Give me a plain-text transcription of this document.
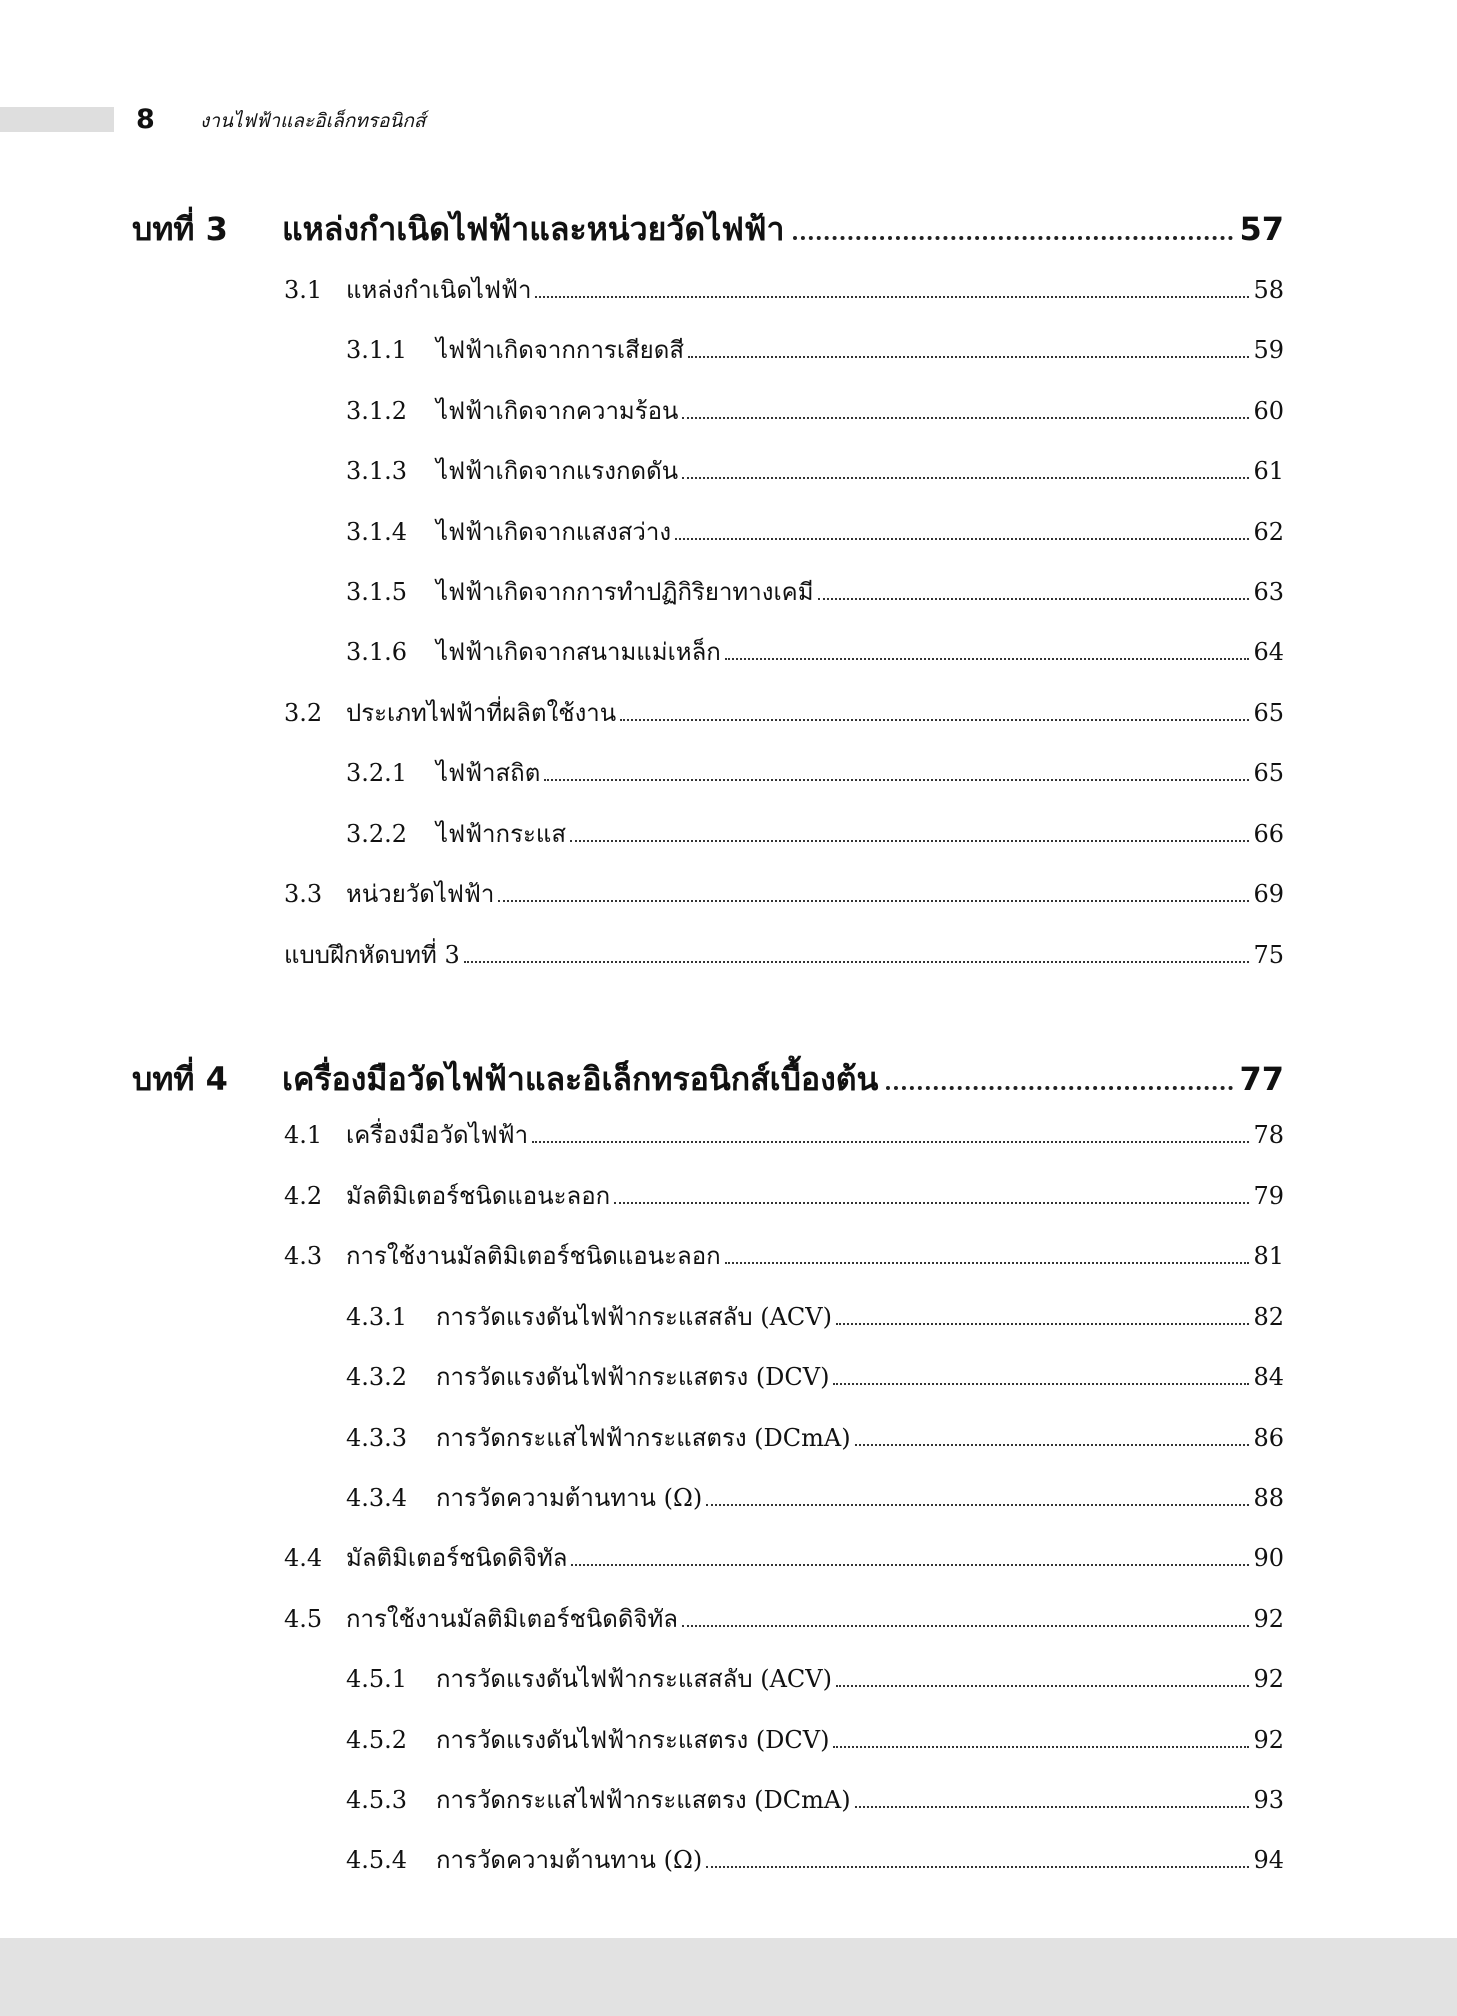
8 งานไฟฟ้าและอิเล็กทรอนิกส์
บทที่ 3	แหล่งกำเนิดไฟฟ้าและหน่วยวัดไฟฟ้า	57
3.1 แหล่งกำเนิดไฟฟ้า	58
3.1.1	ไฟฟ้าเกิดจากการเสียดสี	59
3.1.2	ไฟฟ้าเกิดจากความร้อน	60
3.1.3	ไฟฟ้าเกิดจากแรงกดดัน	61
3.1.4	ไฟฟ้าเกิดจากแสงสว่าง	62
3.1.5	ไฟฟ้าเกิดจากการทำปฏิกิริยาทางเคมี	63
3.1.6	ไฟฟ้าเกิดจากสนามแม่เหล็ก	64
3.2 ประเภทไฟฟ้าที่ผลิตใช้งาน	65
3.2.1	ไฟฟ้าสถิต	65
3.2.2	ไฟฟ้ากระแส	66
3.3 หน่วยวัดไฟฟ้า	69
แบบฝึกหัดบทที่ 3	75
บทที่ 4	เครื่องมือวัดไฟฟ้าและอิเล็กทรอนิกส์เบื้องต้น	77
4.1 เครื่องมือวัดไฟฟ้า	78
4.2 มัลติมิเตอร์ชนิดแอนะลอก	79
4.3 การใช้งานมัลติมิเตอร์ชนิดแอนะลอก	81
4.3.1	การวัดแรงดันไฟฟ้ากระแสสลับ (ACV)	82
4.3.2	การวัดแรงดันไฟฟ้ากระแสตรง (DCV)	84
4.3.3	การวัดกระแสไฟฟ้ากระแสตรง (DCmA)	86
4.3.4	การวัดความต้านทาน (Ω)	88
4.4 มัลติมิเตอร์ชนิดดิจิทัล	90
4.5 การใช้งานมัลติมิเตอร์ชนิดดิจิทัล	92
4.5.1	การวัดแรงดันไฟฟ้ากระแสสลับ (ACV)	92
4.5.2	การวัดแรงดันไฟฟ้ากระแสตรง (DCV)	92
4.5.3	การวัดกระแสไฟฟ้ากระแสตรง (DCmA)	93
4.5.4	การวัดความต้านทาน (Ω)	94
